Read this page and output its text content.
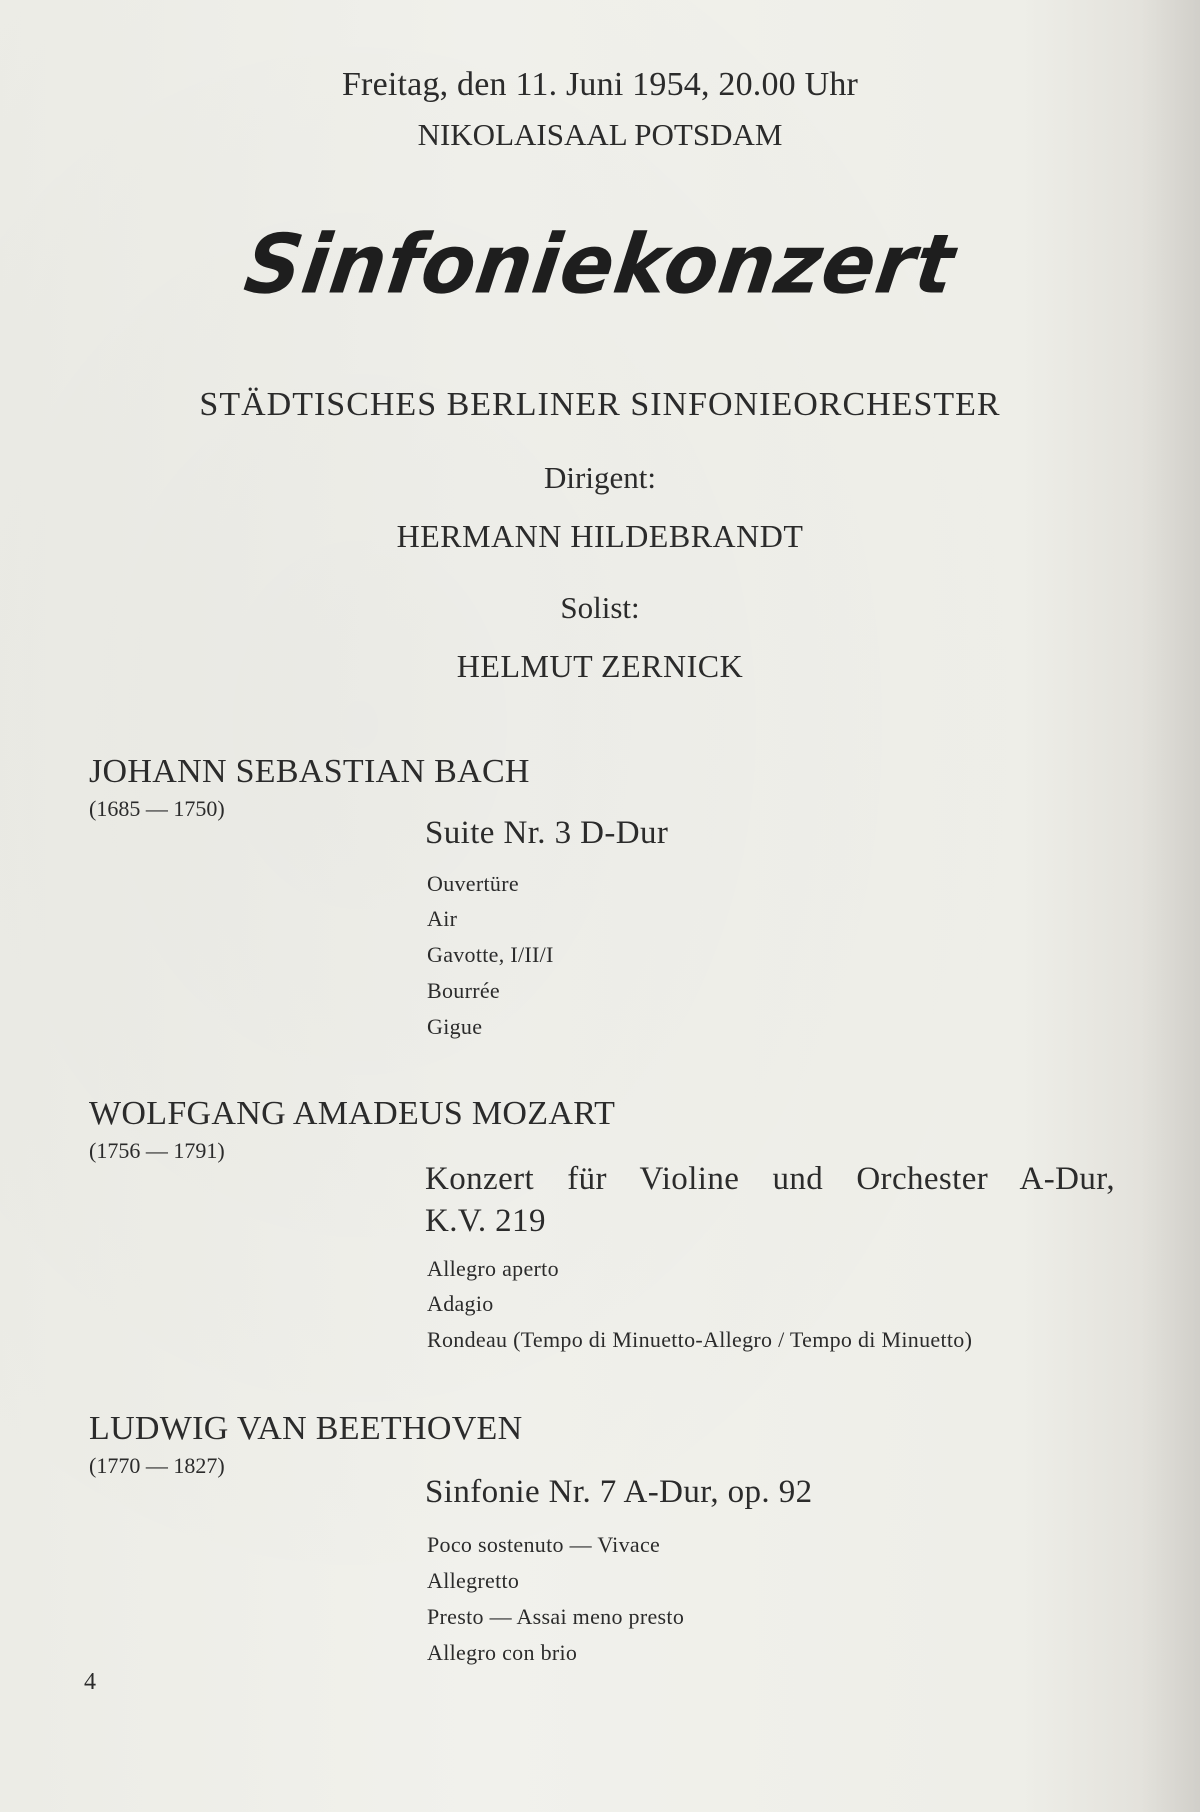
Freitag, den 11. Juni 1954, 20.00 Uhr
NIKOLAISAAL POTSDAM
Sinfoniekonzert
STÄDTISCHES BERLINER SINFONIEORCHESTER
Dirigent:
HERMANN HILDEBRANDT
Solist:
HELMUT ZERNICK
JOHANN SEBASTIAN BACH
(1685 — 1750)
Suite Nr. 3 D-Dur
Ouvertüre
Air
Gavotte, I/II/I
Bourrée
Gigue
WOLFGANG AMADEUS MOZART
(1756 — 1791)
Konzert für Violine und Orchester A-Dur,
K.V. 219
Allegro aperto
Adagio
Rondeau (Tempo di Minuetto-Allegro / Tempo di Minuetto)
LUDWIG VAN BEETHOVEN
(1770 — 1827)
Sinfonie Nr. 7 A-Dur, op. 92
Poco sostenuto — Vivace
Allegretto
Presto — Assai meno presto
Allegro con brio
4
